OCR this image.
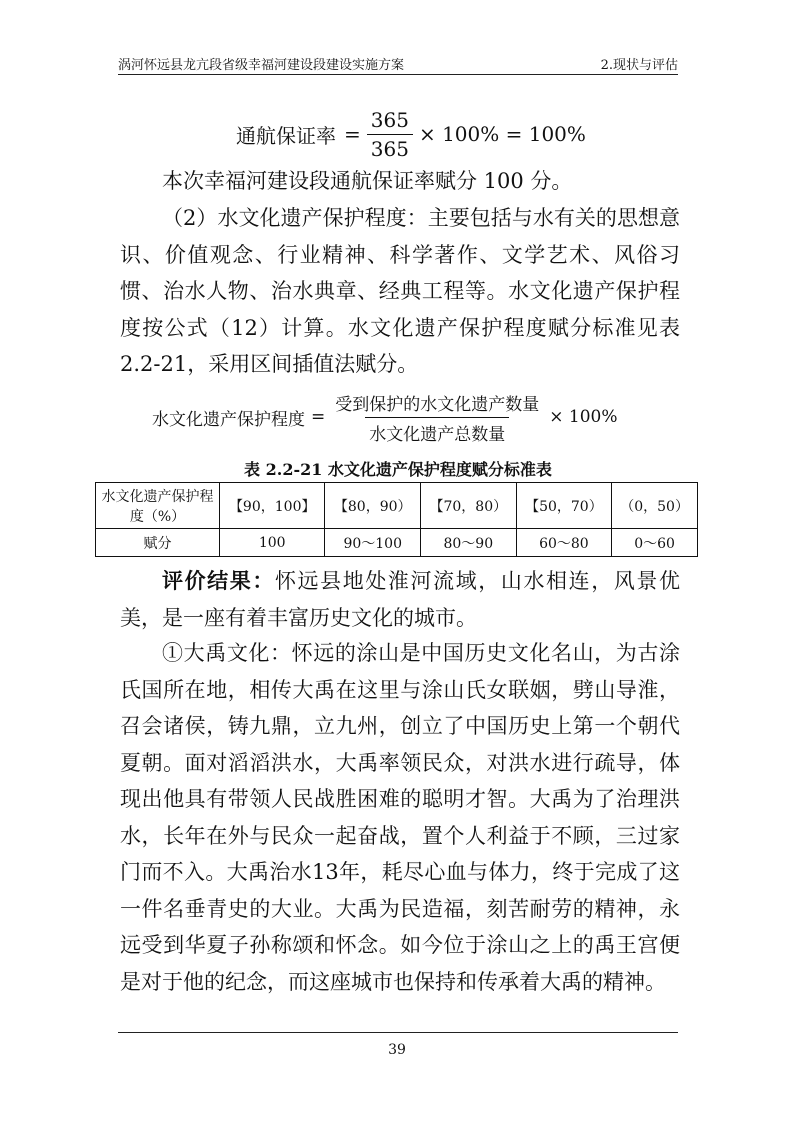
涡河怀远县龙亢段省级幸福河建设段建设实施方案	2.现状与评估
通航保证率 = $\frac{365}{365} \times 100\% = 100\%$
本次幸福河建设段通航保证率赋分 100 分。
（2）水文化遗产保护程度：主要包括与水有关的思想意识、价值观念、行业精神、科学著作、文学艺术、风俗习惯、治水人物、治水典章、经典工程等。水文化遗产保护程度按公式（12）计算。水文化遗产保护程度赋分标准见表2.2-21，采用区间插值法赋分。
水文化遗产保护程度 = $\frac{\text{受到保护的水文化遗产数量}}{\text{水文化遗产总数量}} \times 100\%$
表 2.2-21 水文化遗产保护程度赋分标准表
水文化遗产保护程度（%）	【90，100】	【80，90）	【70，80）	【50，70）	（0，50）
赋分	100	90～100	80～90	60～80	0～60
评价结果：怀远县地处淮河流域，山水相连，风景优美，是一座有着丰富历史文化的城市。
①大禹文化：怀远的涂山是中国历史文化名山，为古涂氏国所在地，相传大禹在这里与涂山氏女联姻，劈山导淮，召会诸侯，铸九鼎，立九州，创立了中国历史上第一个朝代夏朝。面对滔滔洪水，大禹率领民众，对洪水进行疏导，体现出他具有带领人民战胜困难的聪明才智。大禹为了治理洪水，长年在外与民众一起奋战，置个人利益于不顾，三过家门而不入。大禹治水13年，耗尽心血与体力，终于完成了这一件名垂青史的大业。大禹为民造福，刻苦耐劳的精神，永远受到华夏子孙称颂和怀念。如今位于涂山之上的禹王宫便是对于他的纪念，而这座城市也保持和传承着大禹的精神。
39
